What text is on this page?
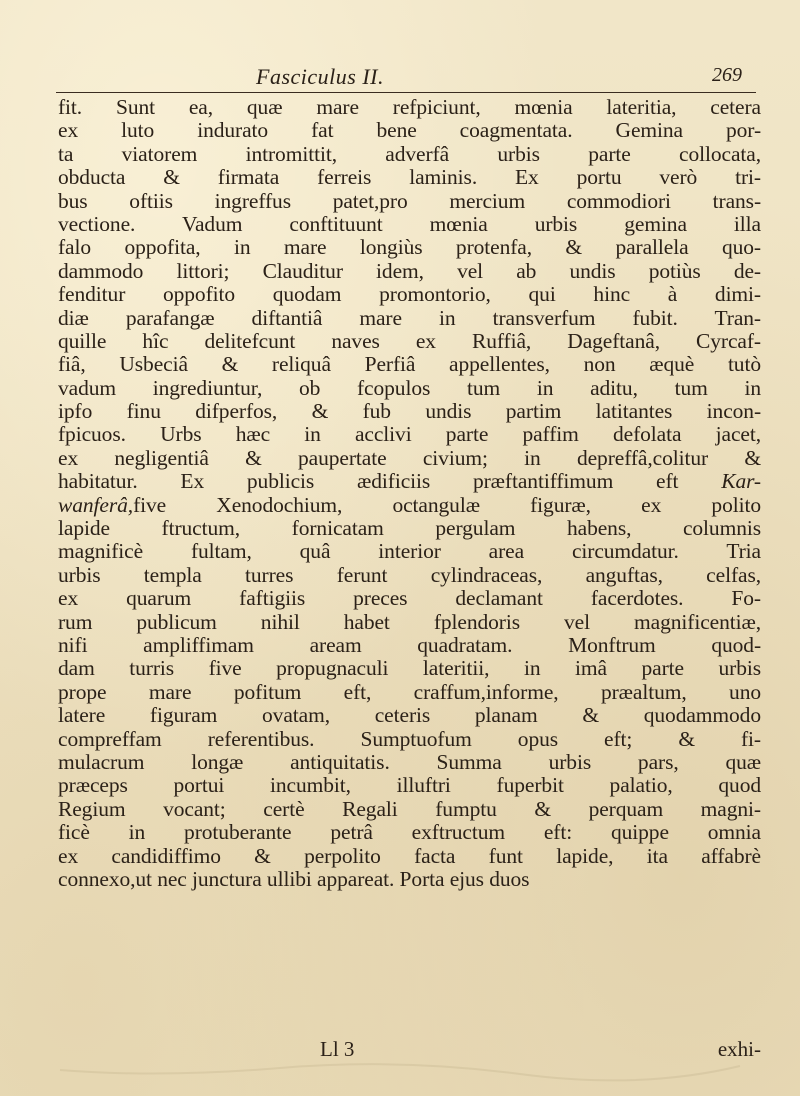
Fasciculus II.	269
fit. Sunt ea, quæ mare refpiciunt, mœnia lateritia, cetera
ex luto indurato fat bene coagmentata. Gemina por-
ta viatorem intromittit, adverfâ urbis parte collocata,
obducta & firmata ferreis laminis. Ex portu verò tri-
bus oftiis ingreffus patet,pro mercium commodiori trans-
vectione. Vadum conftituunt mœnia urbis gemina illa
falo oppofita, in mare longiùs protenfa, & parallela quo-
dammodo littori; Clauditur idem, vel ab undis potiùs de-
fenditur oppofito quodam promontorio, qui hinc à dimi-
diæ parafangæ diftantiâ mare in transverfum fubit. Tran-
quille hîc delitefcunt naves ex Ruffiâ, Dageftanâ, Cyrcaf-
fiâ, Usbeciâ & reliquâ Perfiâ appellentes, non æquè tutò
vadum ingrediuntur, ob fcopulos tum in aditu, tum in
ipfo finu difperfos, & fub undis partim latitantes incon-
fpicuos. Urbs hæc in acclivi parte paffim defolata jacet,
ex negligentiâ & paupertate civium; in depreffâ,colitur &
habitatur. Ex publicis ædificiis præftantiffimum eft Kar-
wanferâ,five Xenodochium, octangulæ figuræ, ex polito
lapide ftructum, fornicatam pergulam habens, columnis
magnificè fultam, quâ interior area circumdatur. Tria
urbis templa turres ferunt cylindraceas, anguftas, celfas,
ex quarum faftigiis preces declamant facerdotes. Fo-
rum publicum nihil habet fplendoris vel magnificentiæ,
nifi ampliffimam aream quadratam. Monftrum quod-
dam turris five propugnaculi lateritii, in imâ parte urbis
prope mare pofitum eft, craffum,informe, præaltum, uno
latere figuram ovatam, ceteris planam & quodammodo
compreffam referentibus. Sumptuofum opus eft; & fi-
mulacrum longæ antiquitatis. Summa urbis pars, quæ
præceps portui incumbit, illuftri fuperbit palatio, quod
Regium vocant; certè Regali fumptu & perquam magni-
ficè in protuberante petrâ exftructum eft: quippe omnia
ex candidiffimo & perpolito facta funt lapide, ita affabrè
connexo,ut nec junctura ullibi appareat. Porta ejus duos
Ll 3	exhi-
